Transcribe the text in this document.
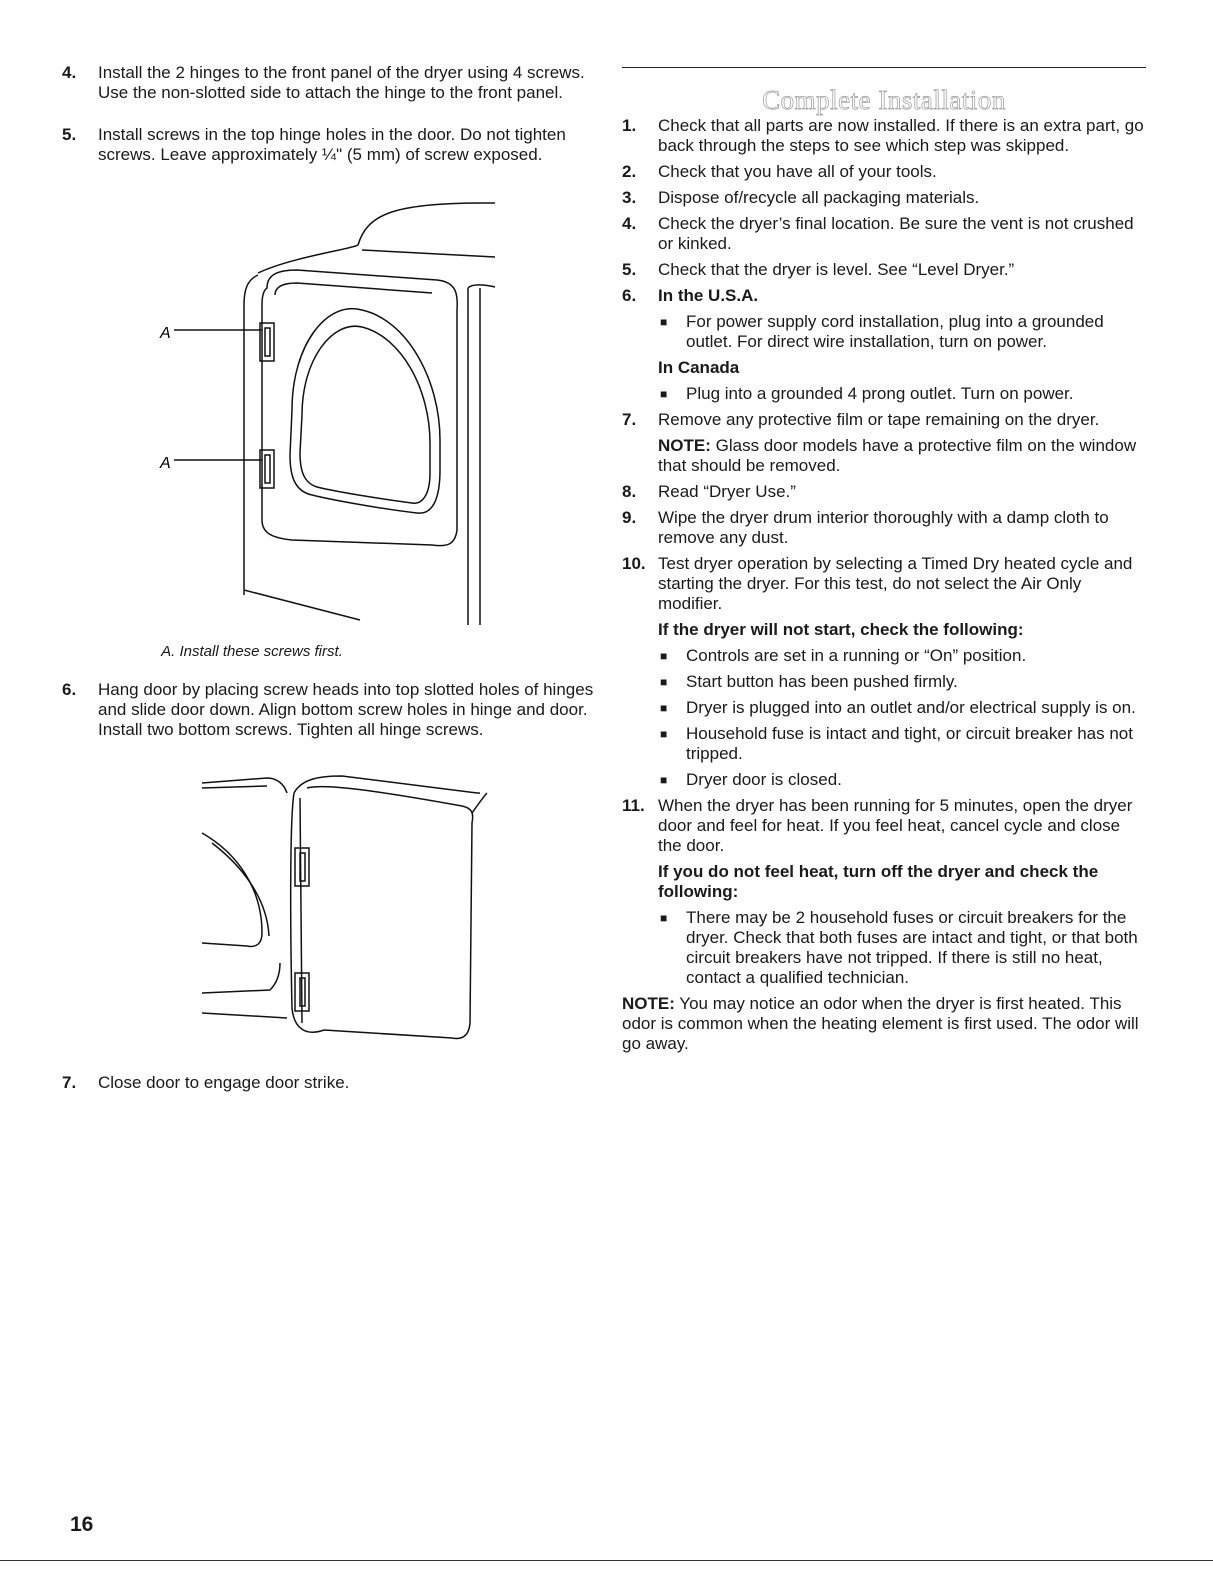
4.	Install the 2 hinges to the front panel of the dryer using 4 screws. Use the non-slotted side to attach the hinge to the front panel.
5.	Install screws in the top hinge holes in the door. Do not tighten screws. Leave approximately ¼" (5 mm) of screw exposed.
A
A
A. Install these screws first.
6.	Hang door by placing screw heads into top slotted holes of hinges and slide door down. Align bottom screw holes in hinge and door. Install two bottom screws. Tighten all hinge screws.
7.	Close door to engage door strike.
Complete Installation
1.	Check that all parts are now installed. If there is an extra part, go back through the steps to see which step was skipped.
2.	Check that you have all of your tools.
3.	Dispose of/recycle all packaging materials.
4.	Check the dryer’s final location. Be sure the vent is not crushed or kinked.
5.	Check that the dryer is level. See “Level Dryer.”
6.	In the U.S.A.
■	For power supply cord installation, plug into a grounded outlet. For direct wire installation, turn on power.
In Canada
■	Plug into a grounded 4 prong outlet. Turn on power.
7.	Remove any protective film or tape remaining on the dryer.
NOTE: Glass door models have a protective film on the window that should be removed.
8.	Read “Dryer Use.”
9.	Wipe the dryer drum interior thoroughly with a damp cloth to remove any dust.
10. Test dryer operation by selecting a Timed Dry heated cycle and starting the dryer. For this test, do not select the Air Only modifier.
If the dryer will not start, check the following:
■	Controls are set in a running or “On” position.
■	Start button has been pushed firmly.
■	Dryer is plugged into an outlet and/or electrical supply is on.
■	Household fuse is intact and tight, or circuit breaker has not tripped.
■	Dryer door is closed.
11. When the dryer has been running for 5 minutes, open the dryer door and feel for heat. If you feel heat, cancel cycle and close the door.
If you do not feel heat, turn off the dryer and check the following:
■	There may be 2 household fuses or circuit breakers for the dryer. Check that both fuses are intact and tight, or that both circuit breakers have not tripped. If there is still no heat, contact a qualified technician.
NOTE: You may notice an odor when the dryer is first heated. This odor is common when the heating element is first used. The odor will go away.
16
